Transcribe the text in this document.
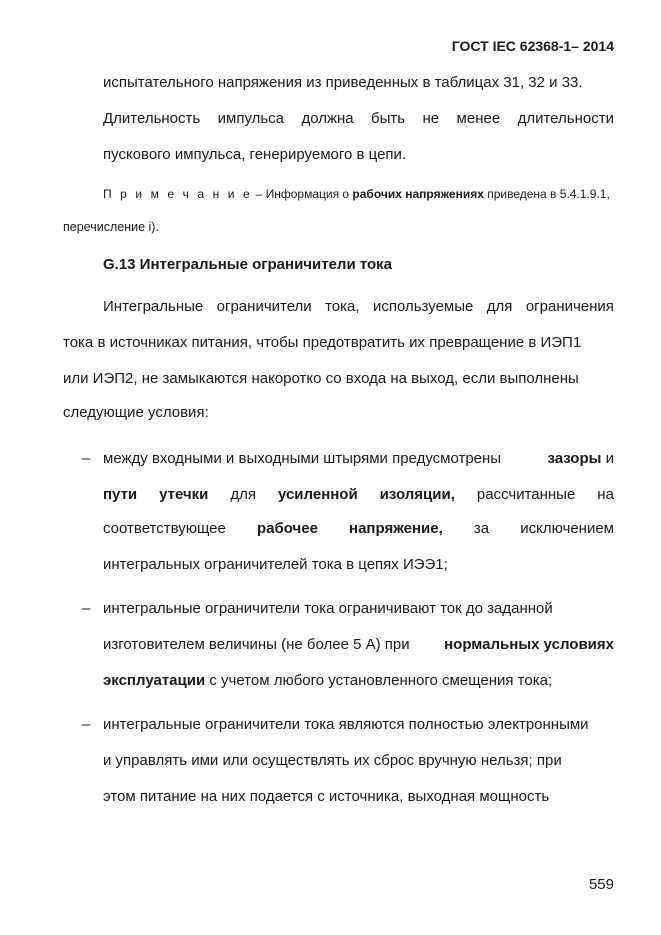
ГОСТ IEC 62368-1– 2014
испытательного напряжения из приведенных в таблицах 31, 32 и 33.
Длительность импульса должна быть не менее длительности
пускового импульса, генерируемого в цепи.
П р и м е ч а н и е – Информация о рабочих напряжениях приведена в 5.4.1.9.1,
перечисление i).
G.13 Интегральные ограничители тока
Интегральные ограничители тока, используемые для ограничения
тока в источниках питания, чтобы предотвратить их превращение в ИЭП1
или ИЭП2, не замыкаются накоротко со входа на выход, если выполнены
следующие условия:
– между входными и выходными штырями предусмотрены	зазоры и
пути утечки для усиленной изоляции, рассчитанные на
соответствующее рабочее напряжение, за исключением
интегральных ограничителей тока в цепях ИЭЭ1;
– интегральные ограничители тока ограничивают ток до заданной
изготовителем величины (не более 5 А) при нормальных условиях
эксплуатации с учетом любого установленного смещения тока;
– интегральные ограничители тока являются полностью электронными
и управлять ими или осуществлять их сброс вручную нельзя; при
этом питание на них подается с источника, выходная мощность
559
